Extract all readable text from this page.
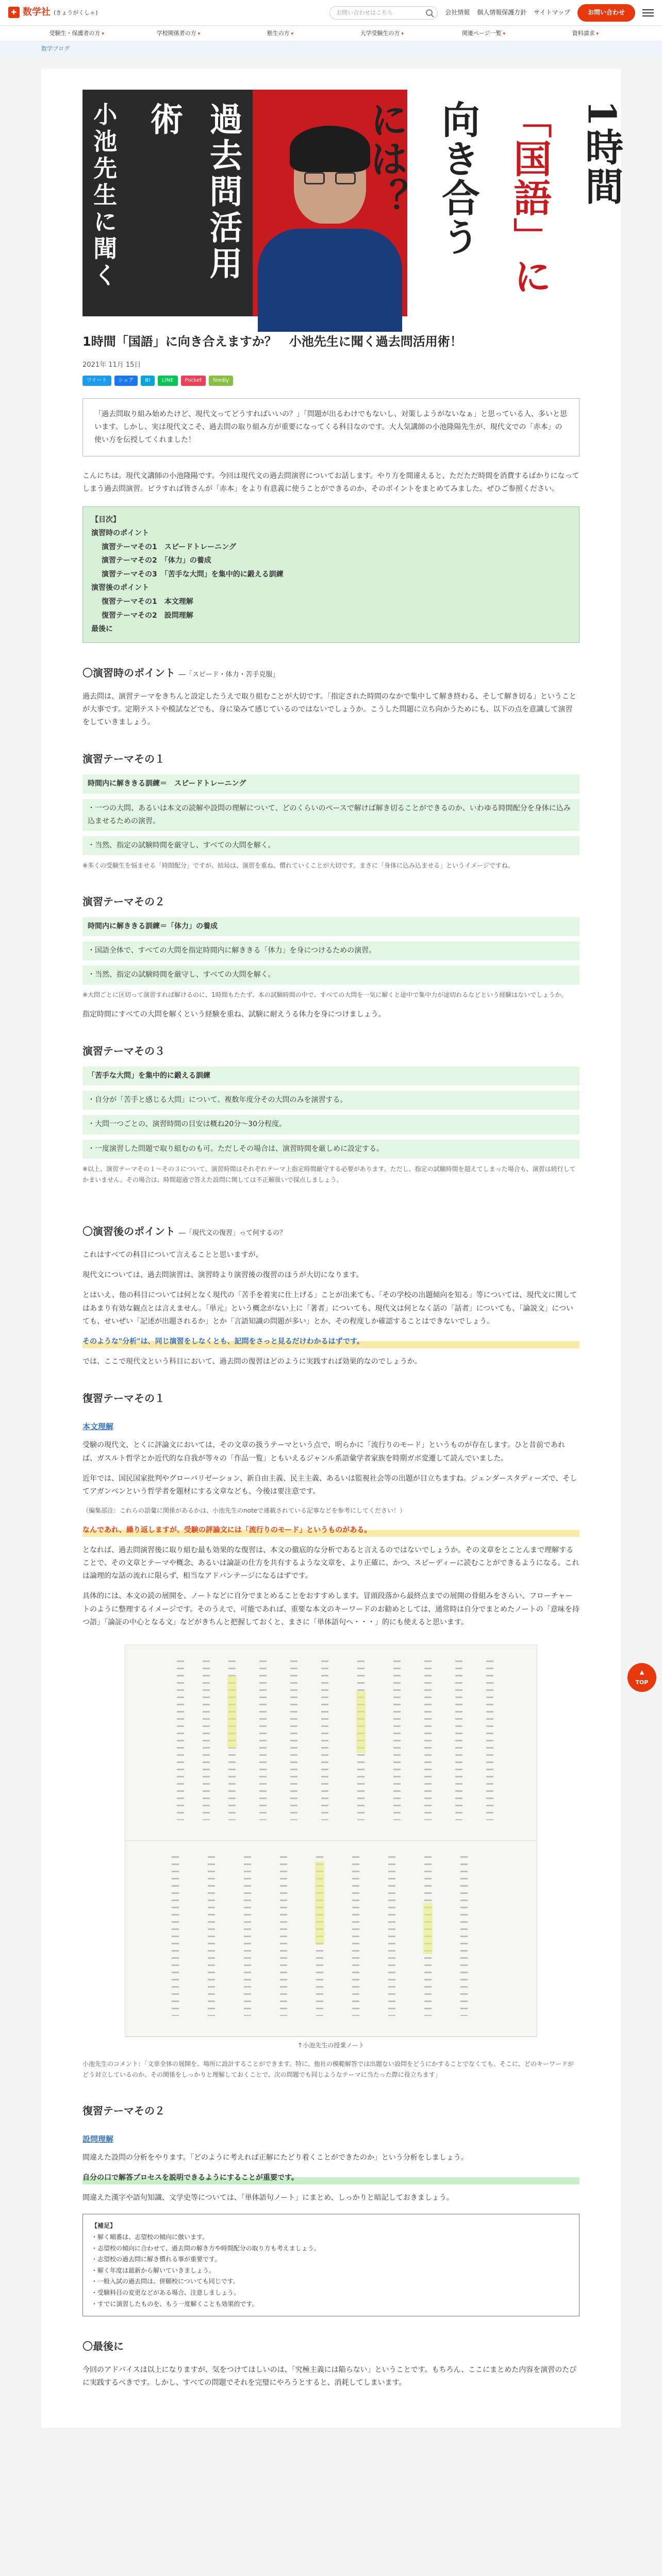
✚ 数学社 (きょうがくしゃ)	お問い合わせはこちら	会社情報 個人情報保護方針 サイトマップ	お問い合わせ
受験生・保護者の方 ▾	学校関係者の方 ▾	塾生の方 ▾	大学受験生の方 ▾	関連ページ一覧 ▾	資料請求 ▾
数学ブログ
小池先生に聞く	過去問活用術	には？ 向き合う 「国語」に 1時間
1時間「国語」に向き合えますか？　小池先生に聞く過去問活用術！
2021年 11月 15日
ツイート	シェア	B!	LINE	Pocket	feedly
「過去問取り組み始めたけど、現代文ってどうすればいいの？」「問題が出るわけでもないし、対策しようがないなぁ」と思っている人、多いと思います。しかし、実は現代文こそ、過去問の取り組み方が重要になってくる科目なのです。大人気講師の小池隆陽先生が、現代文での「赤本」の使い方を伝授してくれました！

こんにちは。現代文講師の小池隆陽です。今回は現代文の過去問演習についてお話します。やり方を間違えると、ただただ時間を消費するばかりになってしまう過去問演習。ビラすれば皆さんが「赤本」をより有意義に使うことができるのか、そのポイントをまとめてみました。ぜひご参照ください。

【目次】
演習時のポイント
演習テーマその1　スピードトレーニング
演習テーマその2　「体力」の養成
演習テーマその3　「苦手な大問」を集中的に鍛える訓練
演習後のポイント
復習テーマその1　本文理解
復習テーマその2　設問理解
最後に
〇演習時のポイント ―「スピード・体力・苦手克服」

過去問は、演習テーマをきちんと設定したうえで取り組むことが大切です。「指定された時間のなかで集中して解き終わる、そして解き切る」ということが大事です。定期テストや模試などでも、身に染みて感じているのではないでしょうか。こうした問題に立ち向かうためにも、以下の点を意識して演習をしていきましょう。

演習テーマその１
時間内に解ききる訓練＝　スピードトレーニング
・一つの大問、あるいは本文の読解や設問の理解について、どのくらいのペースで解けば解き切ることができるのか、いわゆる時間配分を身体に込み込ませるための演習。
・当然、指定の試験時間を厳守し、すべての大問を解く。

※多くの受験生を悩ませる「時間配分」ですが、結局は、演習を重ね、慣れていくことが大切です。まさに「身体に込み込ませる」というイメージですね。

演習テーマその２
時間内に解ききる訓練＝「体力」の養成
・国語全体で、すべての大問を指定時間内に解ききる「体力」を身につけるための演習。
・当然、指定の試験時間を厳守し、すべての大問を解く。

※大問ごとに区切って演習すれば解けるのに、1時間もたたず、本の試験時間の中で、すべての大問を一気に解くと途中で集中力が途切れるなどという経験はないでしょうか。

指定時間にすべての大問を解くという経験を重ね、試験に耐えうる体力を身につけましょう。

演習テーマその３
「苦手な大問」を集中的に鍛える訓練
・自分が「苦手と感じる大問」について、複数年度分その大問のみを演習する。
・大問一つごとの、演習時間の目安は概ね20分〜30分程度。
・一度演習した問題で取り組むのも可。ただしその場合は、演習時間を厳しめに設定する。

※以上、演習テーマその１〜その３について、演習時間はそれぞれテーマ上指定時間厳守する必要があります。ただし、指定の試験時間を超えてしまった場合も、演習は続行してかまいません。その場合は、時間超過で答えた設問に関しては不正解扱いで採点しましょう。

〇演習後のポイント ―「現代文の復習」って何するの？

これはすべての科目について言えることと思いますが、

現代文については、過去問演習は、演習時より演習後の復習のほうが大切になります。

とはいえ、他の科目については何となく現代の「苦手を着実に仕上げる」ことが出来ても、「その学校の出題傾向を知る」等については、現代文に関してはあまり有効な観点とは言えません。「単元」という概念がない上に「著者」についても、現代文は何となく話の「話者」についても、「論説文」についても、せいぜい「記述が出題されるか」とか「言語知識の問題が多い」とか、その程度しか確認することはできないでしょう。

そのような"分析"は、同じ演習をしなくとも、記問をさっと見るだけわかるはずです。

では、ここで現代文という科目において、過去問の復習はどのように実践すれば効果的なのでしょうか。

復習テーマその１
本文理解

受験の現代文、とくに評論文においては、その文章の扱うテーマという点で、明らかに「流行りのモード」というものが存在します。ひと昔前であれば、ガスルト哲学とか近代的な自我が等々の「作品一覧」ともいえるジャンル系語彙学者家族を時期ガボ変遷して読んでいました。

近年では、国民国家批判やグローバリゼーション、新自由主義、民主主義、あるいは監視社会等の出題が目立ちますね。ジェンダースタディーズで、そしてアガンベンという哲学者を題材にする文章なども、今後は要注意です。

（編集部注：これらの語彙に関係があるかは、小池先生のnoteで連載されている記事などを参考にしてください！）

なんであれ、繰り返しますが、受験の評論文には「流行りのモード」というものがある。

となれば、過去問演習後に取り組む最も効果的な復習は、本文の徹底的な分析であると言えるのではないでしょうか。その文章をとことんまで理解することで、その文章とテーマや概念、あるいは論証の仕方を共有するような文章を、より正確に、かつ、スピーディーに読むことができるようになる。これは論理的な話の流れに限らず、相当なアドバンテージになるはずです。

具体的には、本文の読の展開を、ノートなどに自分でまとめることをおすすめします。冒頭段落から最終点までの展開の骨組みをさらい、フローチャートのように整理するイメージです。そのうえで、可能であれば、重要な本文のキーワードのお勧めとしては、通常時は自分でまとめたノートの「意味を持つ語」「論証の中心となる文」などがきちんと把握しておくと、まさに「単体語句へ・・・」的にも使えると思います。

↑小池先生の授業ノート

小池先生のコメント：「文章全体の展開を、場所に設計することができます。特に、他社の模範解答では出題ない設問をどうにかすることでなくても、そこに、どのキーワードがどう対立しているのか、その関係をしっかりと理解しておくことで、次の問題でも同じようなテーマに当たった際に役立ちます」

復習テーマその２
設問理解

間違えた設問の分析をやります。「どのように考えれば正解にたどり着くことができたのか」という分析をしましょう。

自分の口で解答プロセスを説明できるようにすることが重要です。

間違えた漢字や語句知識、文学史等については、「単体語句ノート」にまとめ、しっかりと暗記しておきましょう。

【補足】
・解く順番は、志望校の傾向に倣います。
・志望校の傾向に合わせて、過去問の解き方や時間配分の取り方も考えましょう。
・志望校の過去問に解き慣れる事が重要です。
・解く年度は最新から解いていきましょう。
・一般入試の過去問は、併願校についても同じです。
・受験科目の変更などがある場合、注意しましょう。
・すでに演習したものを、もう一度解くことも効果的です。
〇最後に

今回のアドバイスは以上になりますが、気をつけてほしいのは、「究極主義には陥らない」ということです。もちろん、ここにまとめた内容を演習のたびに実践するべきです。しかし、すべての問題でそれを完璧にやろうとすると、消耗してしまいます。

▲
TOP
